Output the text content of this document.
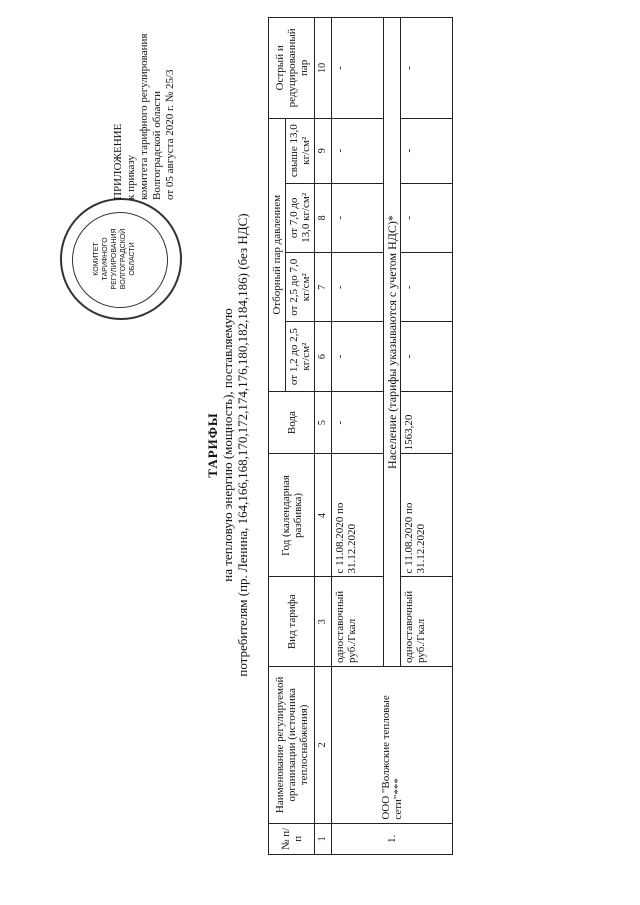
КОМИТЕТ ТАРИФНОГО РЕГУЛИРОВАНИЯ ВОЛГОГРАДСКОЙ ОБЛАСТИ
ПРИЛОЖЕНИЕ к приказу комитета тарифного регулирования Волгоградской области от 05 августа 2020 г. № 25/3
ТАРИФЫ на тепловую энергию (мощность), поставляемую потребителям (пр. Ленина, 164,166,168,170,172,174,176,180,182,184,186) (без НДС)
№ п/п	Наименование регулируемой организации (источника теплоснабжения)	Вид тарифа	Год (календарная разбивка)	Вода	Отборный пар давлением				Острый и редуцированный пар
					от 1,2 до 2,5 кг/см²	от 2,5 до 7,0 кг/см²	от 7,0 до 13,0 кг/см²	свыше 13,0 кг/см²	
1	2	3	4	5	6	7	8	9	10
1.	ООО "Волжские тепловые сети"***	одноставочный руб./Гкал	с 11.08.2020 по 31.12.2020	-	-	-	-	-	-
		Население (тарифы указываются с учетом НДС)*							
		одноставочный руб./Гкал	с 11.08.2020 по 31.12.2020	1563,20	-	-	-	-	-
